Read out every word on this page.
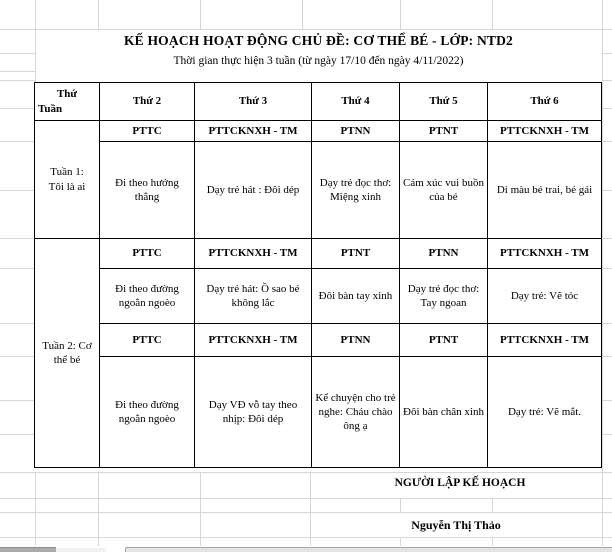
KẾ HOẠCH HOẠT ĐỘNG CHỦ ĐỀ: CƠ THỂ BÉ - LỚP: NTD2
Thời gian thực hiện 3 tuần (từ ngày 17/10 đến ngày 4/11/2022)
Thứ
Tuần	Thứ 2	Thứ 3	Thứ 4	Thứ 5	Thứ 6
Tuần 1: Tôi là ai	PTTC	PTTCKNXH - TM	PTNN	PTNT	PTTCKNXH - TM
	Đi theo hướng thẳng	Dạy trẻ hát : Đôi dép	Dạy trẻ đọc thơ: Miệng xinh	Cảm xúc vui buồn của bé	Di màu bé trai, bé gái
Tuần 2: Cơ thể bé	PTTC	PTTCKNXH - TM	PTNT	PTNN	PTTCKNXH - TM
	Đi theo đường ngoằn ngoèo	Dạy trẻ hát: Ồ sao bé không lắc	Đôi bàn tay xinh	Dạy trẻ đọc thơ: Tay ngoan	Dạy trẻ: Vẽ tóc
	PTTC	PTTCKNXH - TM	PTNN	PTNT	PTTCKNXH - TM
	Đi theo đường ngoằn ngoèo	Dạy VĐ vỗ tay theo nhịp: Đôi dép	Kể chuyện cho trẻ nghe: Cháu chào ông ạ	Đôi bàn chân xinh	Dạy trẻ: Vẽ mắt.
NGƯỜI LẬP KẾ HOẠCH
Nguyễn Thị Thảo
